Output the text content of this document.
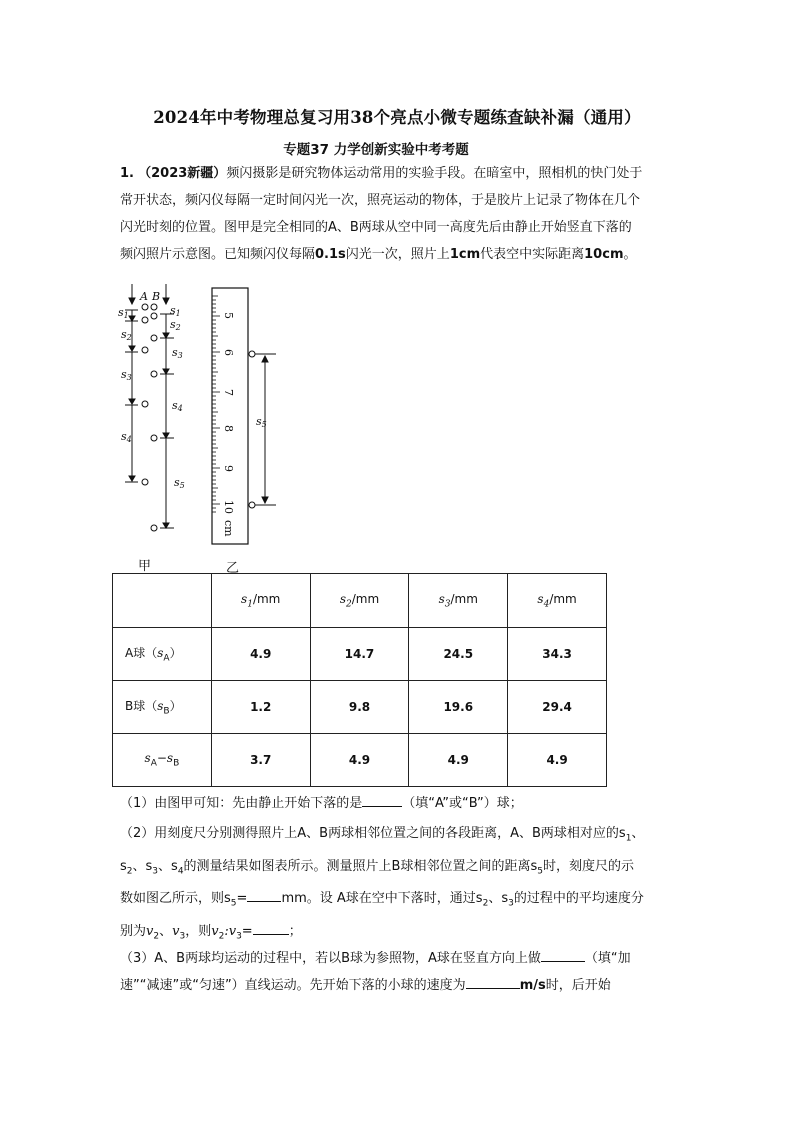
2024年中考物理总复习用38个亮点小微专题练查缺补漏（通用）
专题37 力学创新实验中考考题
1. （2023新疆）频闪摄影是研究物体运动常用的实验手段。在暗室中，照相机的快门处于
常开状态，频闪仪每隔一定时间闪光一次，照亮运动的物体，于是胶片上记录了物体在几个
闪光时刻的位置。图甲是完全相同的A、B两球从空中同一高度先后由静止开始竖直下落的
频闪照片示意图。已知频闪仪每隔0.1s闪光一次，照片上1cm代表空中实际距离10cm。
A B
s1
s2
s3
s4
s1
s2
s3
s4
s5
5
6
7
8
9
10
cm
s5
甲	乙
	$s_1/mm$	$s_2/mm$	$s_3/mm$	$s_4/mm$
A球$(s_A)$	4.9	14.7	24.5	34.3
B球$(s_B)$	1.2	9.8	19.6	29.4
$s_A-s_B$	3.7	4.9	4.9	4.9
（1）由图甲可知：先由静止开始下落的是	（填“A”或“B”）球；
（2）用刻度尺分别测得照片上A、B两球相邻位置之间的各段距离，A、B两球相对应的$s_1$、
$s_2$、$s_3$、$s_4$的测量结果如图表所示。测量照片上B球相邻位置之间的距离$s_5$时，刻度尺的示
数如图乙所示，则$s_5=$	mm。设 A球在空中下落时，通过$s_2$、$s_3$的过程中的平均速度分
别为$v_2$、$v_3$，则$v_2:v_3=$	；
（3）A、B两球均运动的过程中，若以B球为参照物，A球在竖直方向上做	（填“加
速”“减速”或“匀速”）直线运动。先开始下落的小球的速度为	m/s时，后开始
